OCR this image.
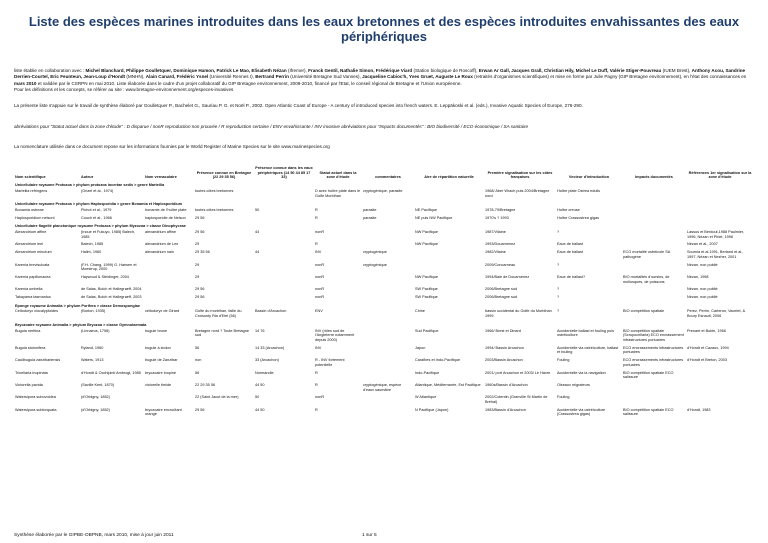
Liste des espèces marines introduites dans les eaux bretonnes et des espèces introduites envahissantes des eaux périphériques
liste établie en collaboration avec : Michel Blanchard, Philippe Goulletquer, Dominique Hamon, Patrick Le Mao, Elisabeth Nézan (Ifremer), Franck Gentil, Nathalie Simon, Frédérique Viard (Station biologique de Roscoff), Erwan Ar Gall, Jacques Grall, Christian Hily, Michel Le Duff, Valérie Stiger-Pouvreau (IUEM Brest), Anthony Acou, Sandrine Derrien-Courtel, Eric Feunteun, Jean-Loup d'Hondt (MNHN), Alain Canard, Frédéric Ysnel (Université Rennes I), Bertrand Perrin (Université Bretagne Sud Vannes), Jacqueline Cabioc'h, Yves Gruet, Auguste Le Roux (retraités d'organismes scientifiques) et mise en forme par Julie Pagny (GIP Bretagne environnement), en l'état des connaissances en mars 2010 et validée par le CSRPN en mai 2010. Liste élaborée dans le cadre d'un projet collaboratif du GIP Bretagne environnement, 2009-2010, financé par l'Etat, le conseil régional de Bretagne et l'Union européenne.
Pour les définitions et les concepts, se référer au site : www.bretagne-environnement.org/especes-invasives
La présente liste s'appuie sur le travail de synthèse élaboré par Goulletquer P., Bachelet G., Sauriau P. G. et Noël P., 2002. Open Atlantic Coast of Europe - A century of introduced species into french waters. E. Leppäkoski et al. (eds.), Invasive Aquatic Species of Europe, 276-290.
abréviations pour "Statut actuel dans la zone d'étude" : D disparue / nonR reproduction non prouvée / R reproduction certaine / ENV envahissante / INV invasive abréviations pour "Impacts documentés" : BIO biodiversité / ECO économique / SA sanitaire
La nomenclature utilisée dans ce document repose sur les informations fournies par le World Register of Marine Species sur le site www.marinespecies.org
Nom scientifique	Auteur	Nom vernaculaire	Présence connue en Bretagne (22 29 35 56)	Présence connue dans les eaux périphériques (14 50 44 85 17 33)	Statut actuel dans la zone d'étude	commentaires	Aire de répartition naturelle	Première signalisation sur les côtes françaises	Vecteur d'introduction	Impacts documentés	Références 1er signalisation sur la zone d'étude
Unicellulaire royaume Protozoa > phylum protozoa incertae sedis > genre Marteilia											
Marteilia refringens	(Grizel et al., 1974)		toutes côtes bretonnes		D avec huître plate dans le Golfe Morbihan	cryptogénique, parasite		1968/ Aber Wrach puis 2004/Bretagne nord	Huître plate Ostrea edulis		
Unicellulaire royaume Protozoa > phylum Haplosporidia > genre Bonamia et Haplosporidium											
Bonamia ostreae	Pichot et al., 1979	bonamie de l'huître plate	toutes côtes bretonnes	50	R	parasite	NE Pacifique	1978-79/Bretagne	Huître creuse		
Haplosporidium nelsoni	Couch et al., 1966	haplosporidie de Nelson	29 56		R	parasite	NE puis NW Pacifique	1970's ? 1993	Huître Crassostrea gigas		
Unicellulaire flagellé planctonique royaume Protozoa > phylum Myzozoa > classe Dinophyceae											
Alexandrium affine	(Inoue et Fukuyo, 1985) Balech, 1985	alexandrium affine	29 56	44	nonR		NW Pacifique	1987/Vilaine	?		Lassus et Berdout,1988 Paulmier, 1996, Nézan et Piriet, 1996
Alexandrium leei	Balech, 1985	alexandrium de Lee	29		R		NW Pacifique	1993/Douarnenez	Eaux de ballast		Nézan et al., 2007
Alexandrium minutum	Halim, 1960	alexandrium nain	29 35 56	44	INV	cryptogénique		1982/Vilaine	Eaux de ballast	ECO mortalité ostréicole SA pathogène	Sournia et al.1991, Berland et al., 1997, Nézan et Nezher, 2001
Karenia brevisulcata	(F.H. Chang, 1999) G. Hansen et Moestrup, 2000		29		nonR	cryptogénique		2009/Concarneau	?		Nézan, non publié
Karenia papilionacea	Haywood & Steidinger, 2004		29		nonR		NW Pacifique	1994/Baie de Douarnenez	Eaux de ballast?	BIO mortalités d'oursins, de mollusques, de poissons	Nézan, 1998
Karenia umbella	de Salas, Bolch et Hallegraeff, 2004		29 56		nonR		SW Pacifique	2006/Bretagne sud	?		Nézan, non publié
Takayama tasmanica	de Salas, Bolch et Hallegraeff, 2003		29 56		nonR		SW Pacifique	2006/Bretagne sud	?		Nézan, non publié
Eponge royaume Animalia > phylum Porifera > classe Demospongiae											
Celtodoryx ciocalyptoides	(Burton, 1935)	celtodoryx de Girard	Golfe du morbihan, faille du Croisonty Ria d'Etel (56)	Bassin d'Arcachon	ENV		Chine	bassin occidental du Golfe du Morbihan 1999	?	BIO compétition spatiale	Perez, Perrin, Carteron, Vacelet, & Boury Esnault, 2006
Bryozoaire royaume Animalia > phylum Bryozoa > classe Gymnolaemata											
Bugula neritina	(Linnaeus, 1758)	bugule brune	Bretagne nord ? Toute Bretagne sud	14 76	INV (rôles sud de l'Angleterre notamment depuis 2000)		Sud Pacifique	1966/ Brest et Dinard	Accidentelle ballast et fouling puis ostréiculture	BIO compétition spatiale (Scrupocellaria) ECO encrassement infrastructures portuaires	Prenant et Bobin, 1966
Bugula stolonifera	Ryland, 1960	bugule à stolon	56	14 33 (Arcachon)	INV		Japon	1994/ Bassin Arcachon	Accidentelle via ostréiculture, ballast et fouling	ECO encrassements infrastructures portuaires	d'Hondt et Cazaux, 1994
Caulibugula zanzibariensis	Waters, 1913	bugule de Zanzibar	non	33 (Arcachon)	R - INV fortement potentielle		Caraïbes et Indo-Pacifique	2003/Bassin Arcachon	Fouling	ECO encrassements infrastructures portuaires	d'Hondt et Breton, 2003
Tricellaria inopinata	d'Hondt & Occhipinti Ambrogi, 1985	bryozoaire inopiné	56	Normandie	R		Indo-Pacifique	2001/ port Arcachon et 2003/ Le Havre	Accidentelle via la navigation	BIO compétition spatiale ECO salissure	
Victorella pavida	(Saville Kent, 1870)	victorelle timide	22 29 35 56	44 50	R	cryptogénique, espèce d'eaux saumâtre	Atlantique, Méditerranée, Est Pacifique	1960s/Bassin d'Arcachon	Oiseaux migrateurs		
Watersipora subovoidea	(d'Orbigny, 1852)		22 (Saint Jacut de la mer)	50	nonR		W Atlantique	2002/Cotentin (Granville St Martin de Bréhal)	Fouling		
Watersipora subtorquata	(d'Orbigny, 1852)	bryozoaire encroûtant orange	29 56	44 50	R		N Pacifique (Japon)	1983/Bassin d'Arcachon	Accidentelle via ostréiculture (Crassostrea gigas)	BIO compétition spatiale ECO salissure	d'Hondt, 1983
Synthèse élaborée par le GIPBE-OBPNB, mars 2010, mise à jour juin 2011	1 sur 5
